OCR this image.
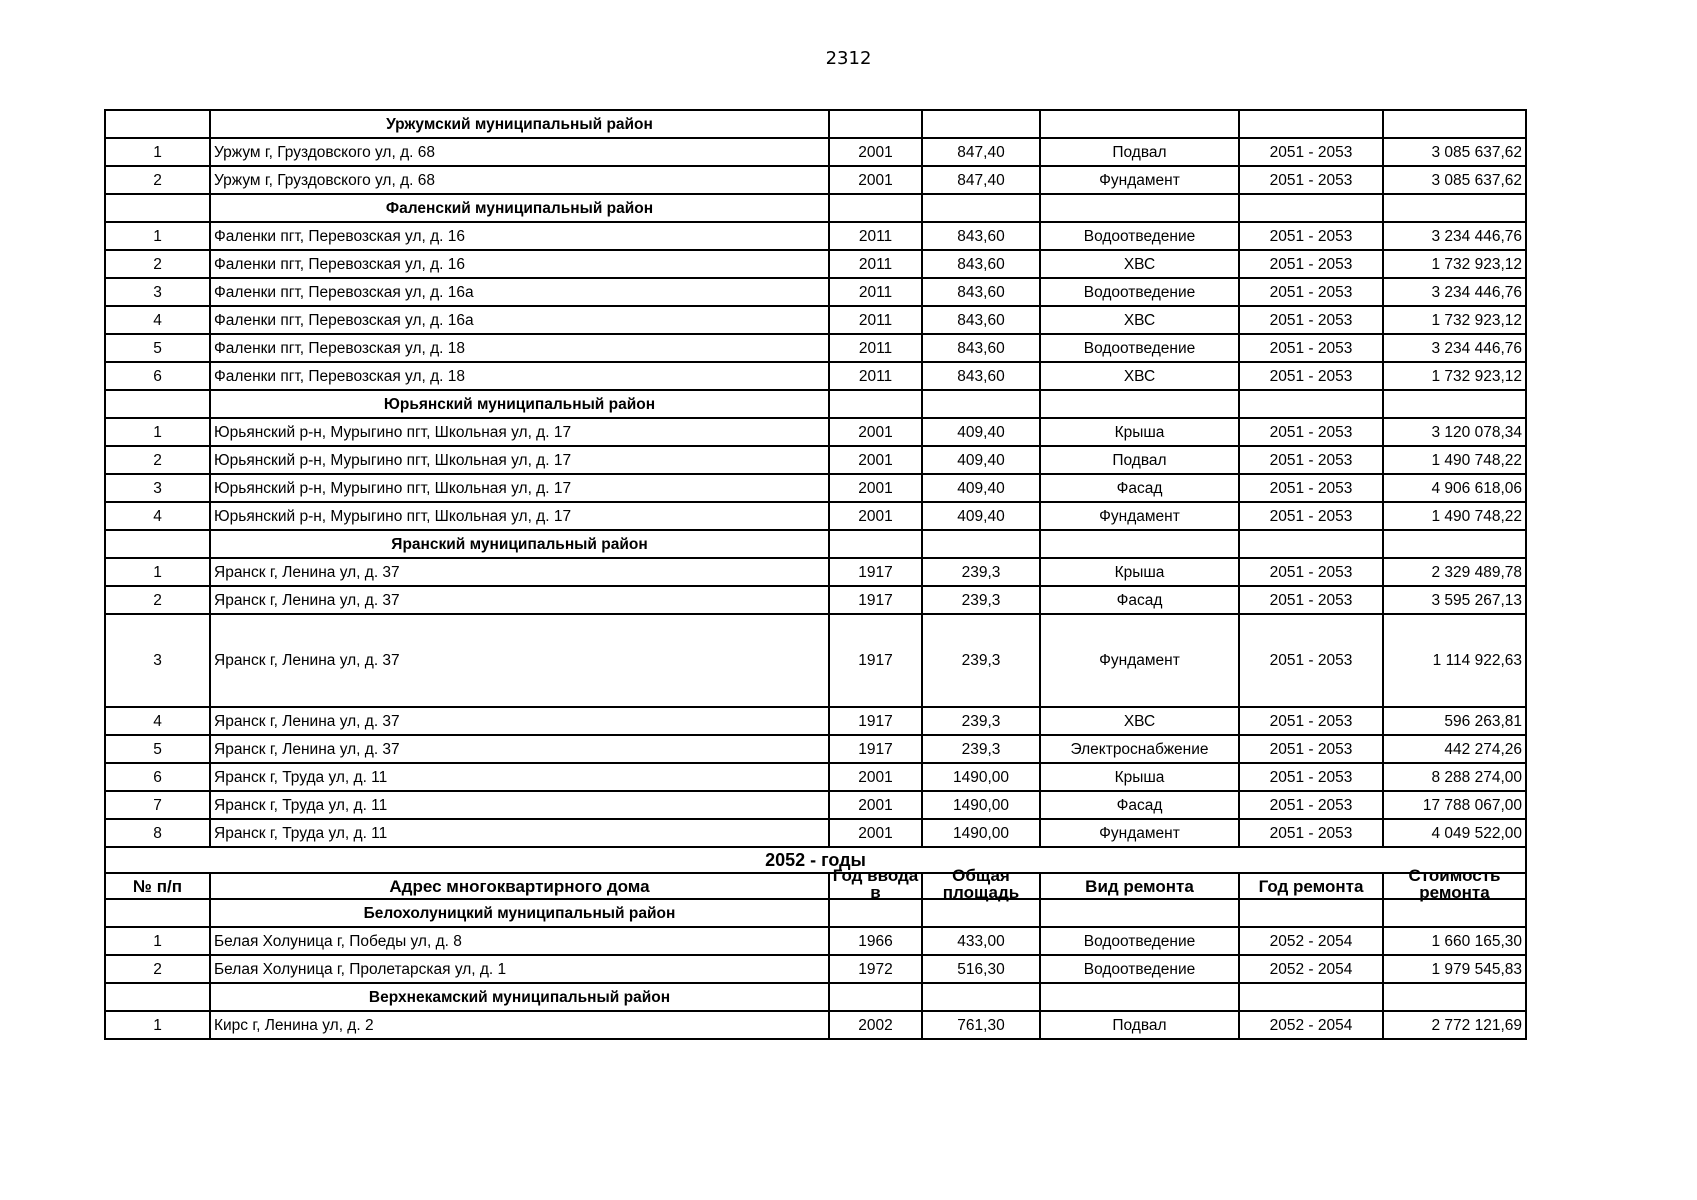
2312
	Уржумский муниципальный район					
1	Уржум г, Груздовского ул, д. 68	2001	847,40	Подвал	2051 - 2053	3 085 637,62
2	Уржум г, Груздовского ул, д. 68	2001	847,40	Фундамент	2051 - 2053	3 085 637,62
	Фаленский муниципальный район					
1	Фаленки пгт, Перевозская ул, д. 16	2011	843,60	Водоотведение	2051 - 2053	3 234 446,76
2	Фаленки пгт, Перевозская ул, д. 16	2011	843,60	ХВС	2051 - 2053	1 732 923,12
3	Фаленки пгт, Перевозская ул, д. 16а	2011	843,60	Водоотведение	2051 - 2053	3 234 446,76
4	Фаленки пгт, Перевозская ул, д. 16а	2011	843,60	ХВС	2051 - 2053	1 732 923,12
5	Фаленки пгт, Перевозская ул, д. 18	2011	843,60	Водоотведение	2051 - 2053	3 234 446,76
6	Фаленки пгт, Перевозская ул, д. 18	2011	843,60	ХВС	2051 - 2053	1 732 923,12
	Юрьянский муниципальный район					
1	Юрьянский р-н, Мурыгино пгт, Школьная ул, д. 17	2001	409,40	Крыша	2051 - 2053	3 120 078,34
2	Юрьянский р-н, Мурыгино пгт, Школьная ул, д. 17	2001	409,40	Подвал	2051 - 2053	1 490 748,22
3	Юрьянский р-н, Мурыгино пгт, Школьная ул, д. 17	2001	409,40	Фасад	2051 - 2053	4 906 618,06
4	Юрьянский р-н, Мурыгино пгт, Школьная ул, д. 17	2001	409,40	Фундамент	2051 - 2053	1 490 748,22
	Яранский муниципальный район					
1	Яранск г, Ленина ул, д. 37	1917	239,3	Крыша	2051 - 2053	2 329 489,78
2	Яранск г, Ленина ул, д. 37	1917	239,3	Фасад	2051 - 2053	3 595 267,13
3	Яранск г, Ленина ул, д. 37	1917	239,3	Фундамент	2051 - 2053	1 114 922,63
4	Яранск г, Ленина ул, д. 37	1917	239,3	ХВС	2051 - 2053	596 263,81
5	Яранск г, Ленина ул, д. 37	1917	239,3	Электроснабжение	2051 - 2053	442 274,26
6	Яранск г, Труда ул, д. 11	2001	1490,00	Крыша	2051 - 2053	8 288 274,00
7	Яранск г, Труда ул, д. 11	2001	1490,00	Фасад	2051 - 2053	17 788 067,00
8	Яранск г, Труда ул, д. 11	2001	1490,00	Фундамент	2051 - 2053	4 049 522,00
2052 - годы						
№ п/п	Адрес многоквартирного дома	Год ввода в	Общая площадь	Вид ремонта	Год ремонта	Стоимость ремонта

	Белохолуницкий муниципальный район					
1	Белая Холуница г, Победы ул, д. 8	1966	433,00	Водоотведение	2052 - 2054	1 660 165,30
2	Белая Холуница г, Пролетарская ул, д. 1	1972	516,30	Водоотведение	2052 - 2054	1 979 545,83
	Верхнекамский муниципальный район					
1	Кирс г, Ленина ул, д. 2	2002	761,30	Подвал	2052 - 2054	2 772 121,69
